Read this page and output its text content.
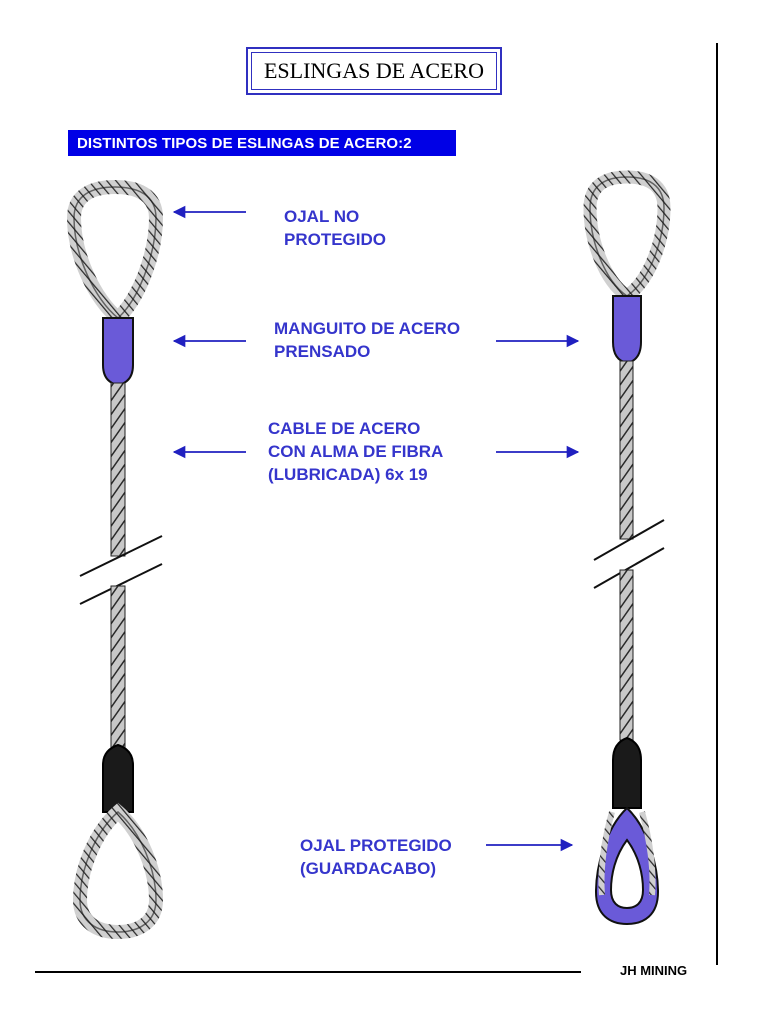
ESLINGAS DE ACERO
DISTINTOS TIPOS DE ESLINGAS DE ACERO:2
OJAL NO
PROTEGIDO
MANGUITO DE ACERO
PRENSADO
CABLE DE ACERO
CON ALMA DE FIBRA
(LUBRICADA) 6x 19
OJAL PROTEGIDO
(GUARDACABO)
JH MINING
